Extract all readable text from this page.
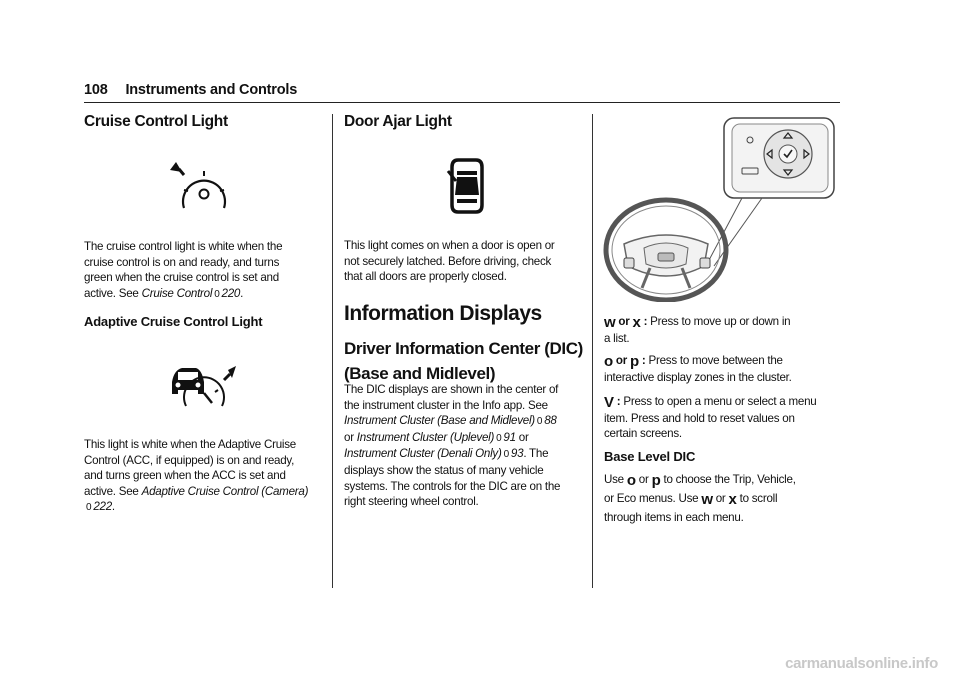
108 Instruments and Controls
Cruise Control Light
The cruise control light is white when the
cruise control is on and ready, and turns
green when the cruise control is set and
active. See Cruise Control 0 220.
Adaptive Cruise Control Light
This light is white when the Adaptive Cruise
Control (ACC, if equipped) is on and ready,
and turns green when the ACC is set and
active. See Adaptive Cruise Control (Camera)
0 222.
Door Ajar Light
This light comes on when a door is open or
not securely latched. Before driving, check
that all doors are properly closed.
Information Displays
Driver Information Center (DIC)
(Base and Midlevel)
The DIC displays are shown in the center of
the instrument cluster in the Info app. See
Instrument Cluster (Base and Midlevel) 0 88
or Instrument Cluster (Uplevel) 0 91 or
Instrument Cluster (Denali Only) 0 93. The
displays show the status of many vehicle
systems. The controls for the DIC are on the
right steering wheel control.
w or x : Press to move up or down in
a list.
o or p : Press to move between the
interactive display zones in the cluster.
V : Press to open a menu or select a menu
item. Press and hold to reset values on
certain screens.
Base Level DIC
Use o or p to choose the Trip, Vehicle,
or Eco menus. Use w or x to scroll
through items in each menu.
carmanualsonline.info
